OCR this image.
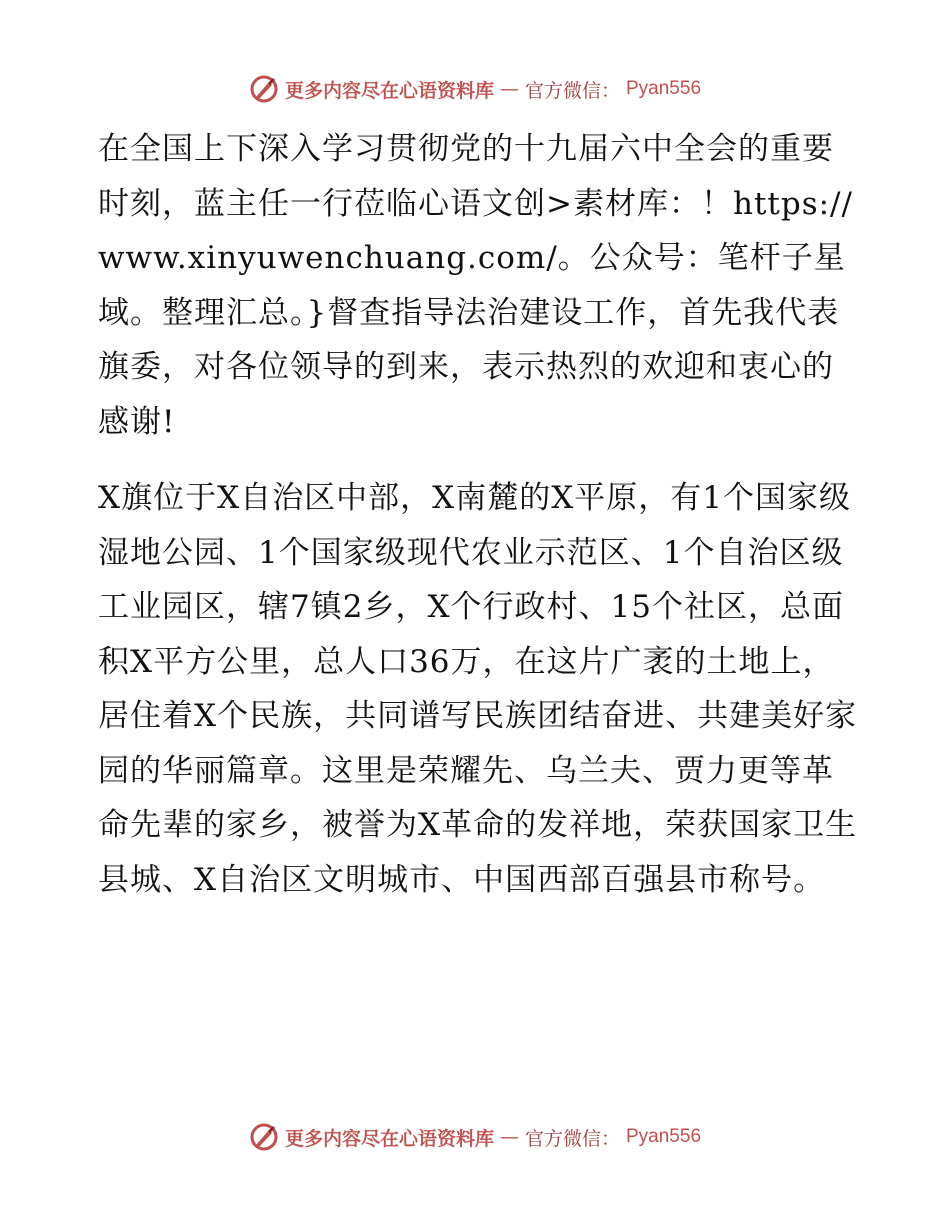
更多内容尽在心语资料库 — 官方微信： Pyan556

在全国上下深入学习贯彻党的十九届六中全会的重要时刻，蓝主任一行莅临心语文创>素材库：！https://www.xinyuwenchuang.com/。公众号：笔杆子星域。整理汇总。}督查指导法治建设工作，首先我代表旗委，对各位领导的到来，表示热烈的欢迎和衷心的感谢!

X旗位于X自治区中部，X南麓的X平原，有1个国家级湿地公园、1个国家级现代农业示范区、1个自治区级工业园区，辖7镇2乡，X个行政村、15个社区，总面积X平方公里，总人口36万，在这片广袤的土地上，居住着X个民族，共同谱写民族团结奋进、共建美好家园的华丽篇章。这里是荣耀先、乌兰夫、贾力更等革命先辈的家乡，被誉为X革命的发祥地，荣获国家卫生县城、X自治区文明城市、中国西部百强县市称号。

更多内容尽在心语资料库 — 官方微信： Pyan556
